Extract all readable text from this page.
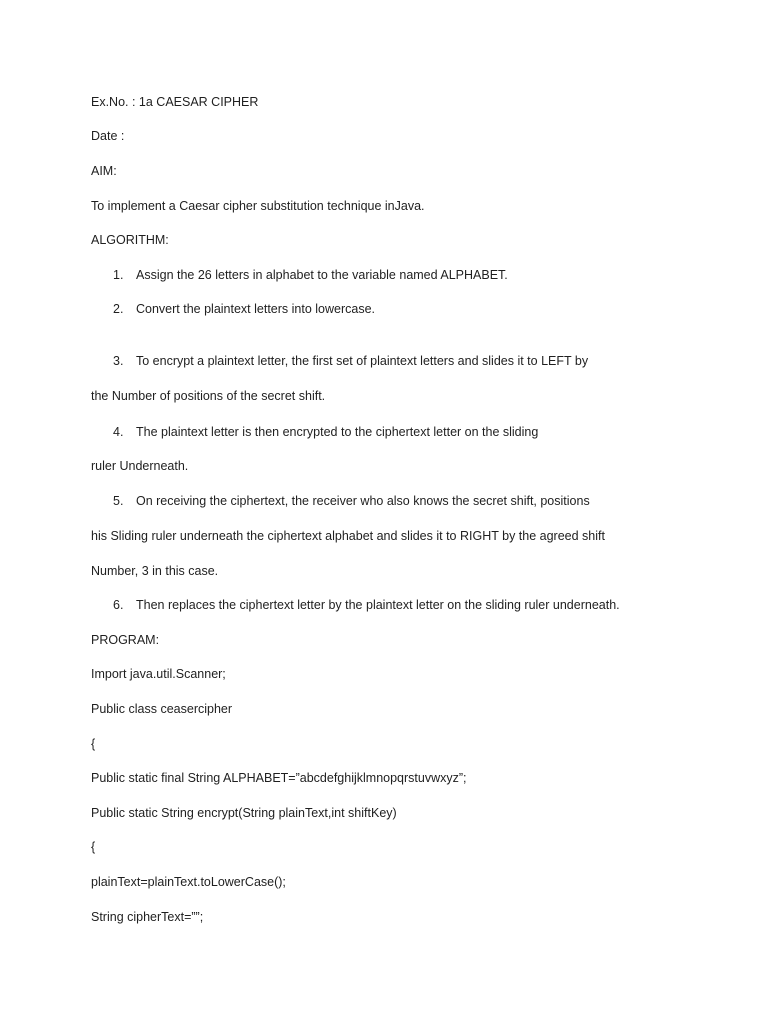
Ex.No. : 1a CAESAR CIPHER
Date :
AIM:
To implement a Caesar cipher substitution technique inJava.
ALGORITHM:
1. Assign the 26 letters in alphabet to the variable named ALPHABET.
2. Convert the plaintext letters into lowercase.
3. To encrypt a plaintext letter, the first set of plaintext letters and slides it to LEFT by
the Number of positions of the secret shift.
4. The plaintext letter is then encrypted to the ciphertext letter on the sliding
ruler Underneath.
5. On receiving the ciphertext, the receiver who also knows the secret shift, positions
his Sliding ruler underneath the ciphertext alphabet and slides it to RIGHT by the agreed shift
Number, 3 in this case.
6. Then replaces the ciphertext letter by the plaintext letter on the sliding ruler underneath.
PROGRAM:
Import java.util.Scanner;
Public class ceasercipher
{
Public static final String ALPHABET=”abcdefghijklmnopqrstuvwxyz”;
Public static String encrypt(String plainText,int shiftKey)
{
plainText=plainText.toLowerCase();
String cipherText=””;
